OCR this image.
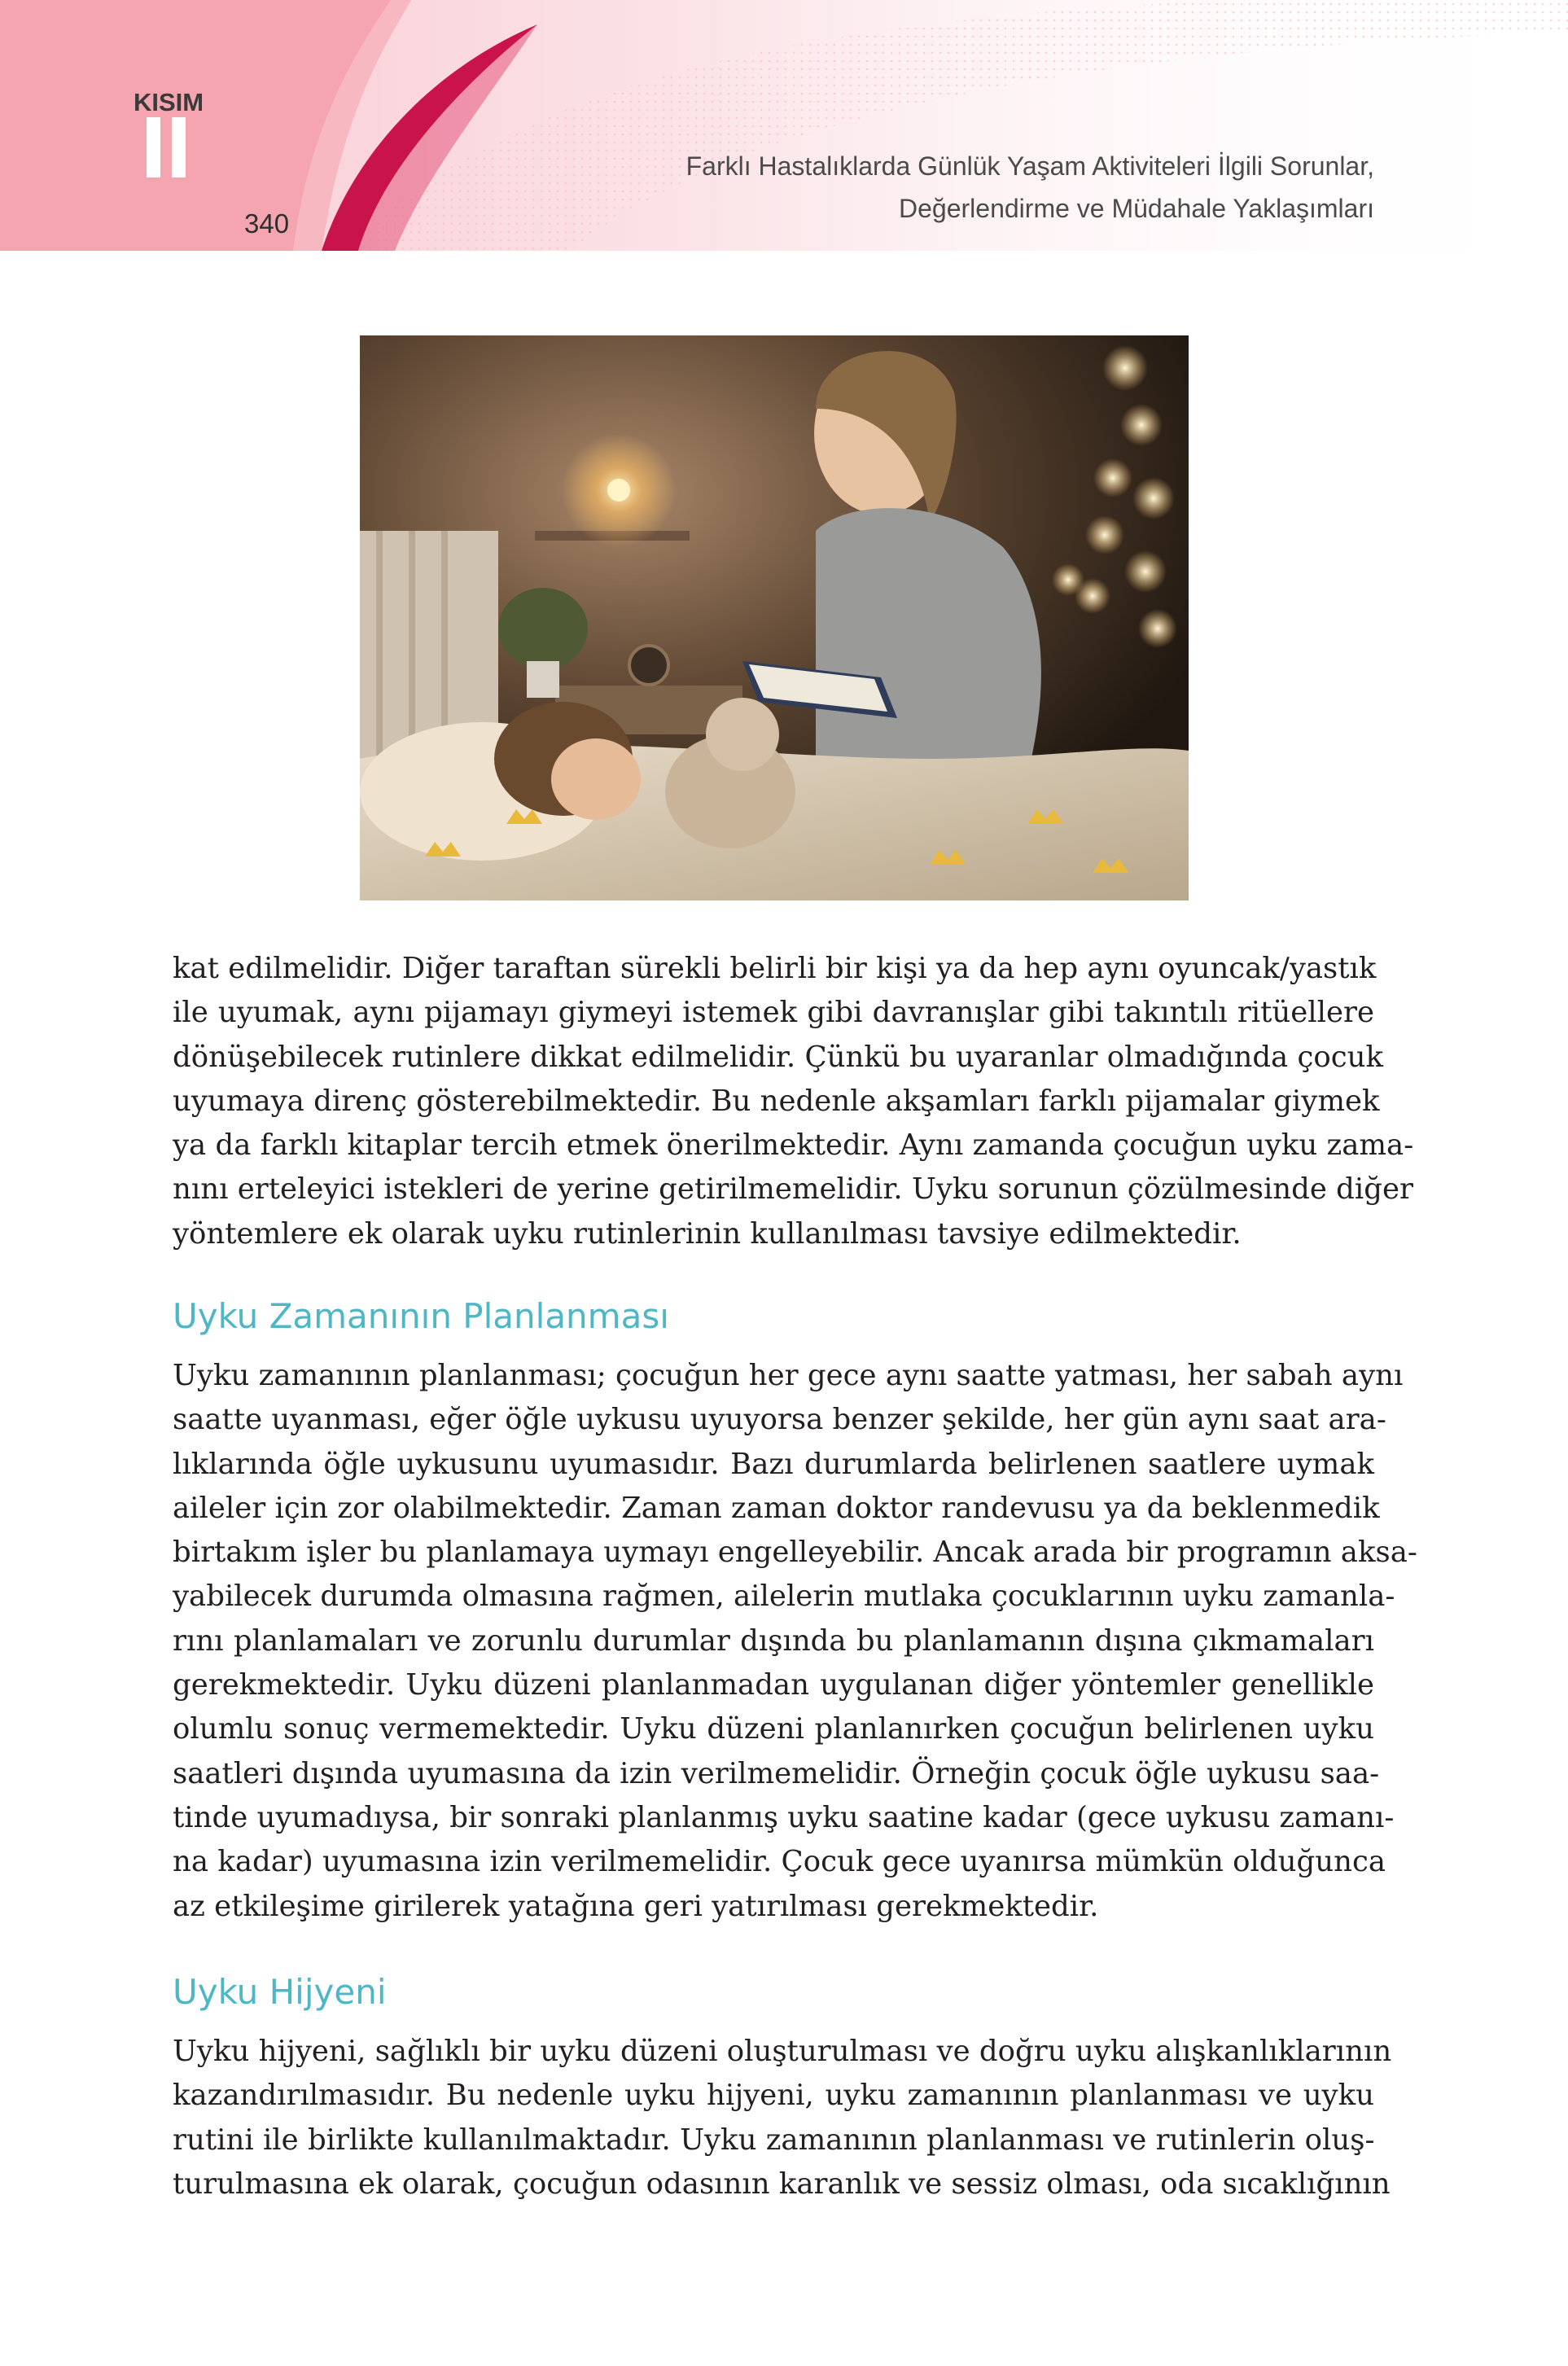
KISIM
340
Farklı Hastalıklarda Günlük Yaşam Aktiviteleri İlgili Sorunlar,
Değerlendirme ve Müdahale Yaklaşımları
kat edilmelidir. Diğer taraftan sürekli belirli bir kişi ya da hep aynı oyuncak/yastık
ile uyumak, aynı pijamayı giymeyi istemek gibi davranışlar gibi takıntılı ritüellere
dönüşebilecek rutinlere dikkat edilmelidir. Çünkü bu uyaranlar olmadığında çocuk
uyumaya direnç gösterebilmektedir. Bu nedenle akşamları farklı pijamalar giymek
ya da farklı kitaplar tercih etmek önerilmektedir. Aynı zamanda çocuğun uyku zama-
nını erteleyici istekleri de yerine getirilmemelidir. Uyku sorunun çözülmesinde diğer
yöntemlere ek olarak uyku rutinlerinin kullanılması tavsiye edilmektedir.
Uyku Zamanının Planlanması
Uyku zamanının planlanması; çocuğun her gece aynı saatte yatması, her sabah aynı
saatte uyanması, eğer öğle uykusu uyuyorsa benzer şekilde, her gün aynı saat ara-
lıklarında öğle uykusunu uyumasıdır. Bazı durumlarda belirlenen saatlere uymak
aileler için zor olabilmektedir. Zaman zaman doktor randevusu ya da beklenmedik
birtakım işler bu planlamaya uymayı engelleyebilir. Ancak arada bir programın aksa-
yabilecek durumda olmasına rağmen, ailelerin mutlaka çocuklarının uyku zamanla-
rını planlamaları ve zorunlu durumlar dışında bu planlamanın dışına çıkmamaları
gerekmektedir. Uyku düzeni planlanmadan uygulanan diğer yöntemler genellikle
olumlu sonuç vermemektedir. Uyku düzeni planlanırken çocuğun belirlenen uyku
saatleri dışında uyumasına da izin verilmemelidir. Örneğin çocuk öğle uykusu saa-
tinde uyumadıysa, bir sonraki planlanmış uyku saatine kadar (gece uykusu zamanı-
na kadar) uyumasına izin verilmemelidir. Çocuk gece uyanırsa mümkün olduğunca
az etkileşime girilerek yatağına geri yatırılması gerekmektedir.
Uyku Hijyeni
Uyku hijyeni, sağlıklı bir uyku düzeni oluşturulması ve doğru uyku alışkanlıklarının
kazandırılmasıdır. Bu nedenle uyku hijyeni, uyku zamanının planlanması ve uyku
rutini ile birlikte kullanılmaktadır. Uyku zamanının planlanması ve rutinlerin oluş-
turulmasına ek olarak, çocuğun odasının karanlık ve sessiz olması, oda sıcaklığının
